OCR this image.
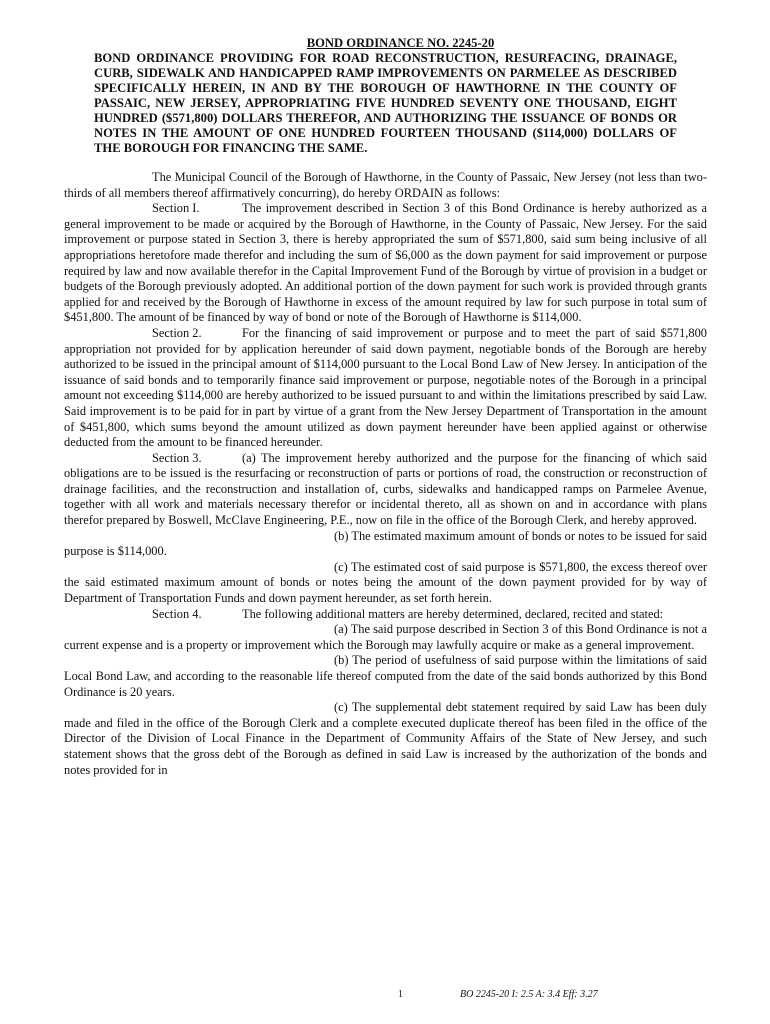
BOND ORDINANCE NO. 2245-20
BOND ORDINANCE PROVIDING FOR ROAD RECONSTRUCTION, RESURFACING, DRAINAGE, CURB, SIDEWALK AND HANDICAPPED RAMP IMPROVEMENTS ON PARMELEE AS DESCRIBED SPECIFICALLY HEREIN, IN AND BY THE BOROUGH OF HAWTHORNE IN THE COUNTY OF PASSAIC, NEW JERSEY, APPROPRIATING FIVE HUNDRED SEVENTY ONE THOUSAND, EIGHT HUNDRED ($571,800) DOLLARS THEREFOR, AND AUTHORIZING THE ISSUANCE OF BONDS OR NOTES IN THE AMOUNT OF ONE HUNDRED FOURTEEN THOUSAND ($114,000) DOLLARS OF THE BOROUGH FOR FINANCING THE SAME.

The Municipal Council of the Borough of Hawthorne, in the County of Passaic, New Jersey (not less than two-thirds of all members thereof affirmatively concurring), do hereby ORDAIN as follows:

Section I.	The improvement described in Section 3 of this Bond Ordinance is hereby authorized as a general improvement to be made or acquired by the Borough of Hawthorne, in the County of Passaic, New Jersey. For the said improvement or purpose stated in Section 3, there is hereby appropriated the sum of $571,800, said sum being inclusive of all appropriations heretofore made therefor and including the sum of $6,000 as the down payment for said improvement or purpose required by law and now available therefor in the Capital Improvement Fund of the Borough by virtue of provision in a budget or budgets of the Borough previously adopted. An additional portion of the down payment for such work is provided through grants applied for and received by the Borough of Hawthorne in excess of the amount required by law for such purpose in total sum of $451,800. The amount of be financed by way of bond or note of the Borough of Hawthorne is $114,000.

Section 2.	For the financing of said improvement or purpose and to meet the part of said $571,800 appropriation not provided for by application hereunder of said down payment, negotiable bonds of the Borough are hereby authorized to be issued in the principal amount of $114,000 pursuant to the Local Bond Law of New Jersey. In anticipation of the issuance of said bonds and to temporarily finance said improvement or purpose, negotiable notes of the Borough in a principal amount not exceeding $114,000 are hereby authorized to be issued pursuant to and within the limitations prescribed by said Law. Said improvement is to be paid for in part by virtue of a grant from the New Jersey Department of Transportation in the amount of $451,800, which sums beyond the amount utilized as down payment hereunder have been applied against or otherwise deducted from the amount to be financed hereunder.

Section 3.	(a) The improvement hereby authorized and the purpose for the financing of which said obligations are to be issued is the resurfacing or reconstruction of parts or portions of road, the construction or reconstruction of drainage facilities, and the reconstruction and installation of, curbs, sidewalks and handicapped ramps on Parmelee Avenue, together with all work and materials necessary therefor or incidental thereto, all as shown on and in accordance with plans therefor prepared by Boswell, McClave Engineering, P.E., now on file in the office of the Borough Clerk, and hereby approved.

(b) The estimated maximum amount of bonds or notes to be issued for said purpose is $114,000.

(c) The estimated cost of said purpose is $571,800, the excess thereof over the said estimated maximum amount of bonds or notes being the amount of the down payment provided for by way of Department of Transportation Funds and down payment hereunder, as set forth herein.

Section 4.	The following additional matters are hereby determined, declared, recited and stated:

(a) The said purpose described in Section 3 of this Bond Ordinance is not a current expense and is a property or improvement which the Borough may lawfully acquire or make as a general improvement.

(b) The period of usefulness of said purpose within the limitations of said Local Bond Law, and according to the reasonable life thereof computed from the date of the said bonds authorized by this Bond Ordinance is 20 years.

(c) The supplemental debt statement required by said Law has been duly made and filed in the office of the Borough Clerk and a complete executed duplicate thereof has been filed in the office of the Director of the Division of Local Finance in the Department of Community Affairs of the State of New Jersey, and such statement shows that the gross debt of the Borough as defined in said Law is increased by the authorization of the bonds and notes provided for in

1	BO 2245-20 I: 2.5 A: 3.4 Eff: 3.27
